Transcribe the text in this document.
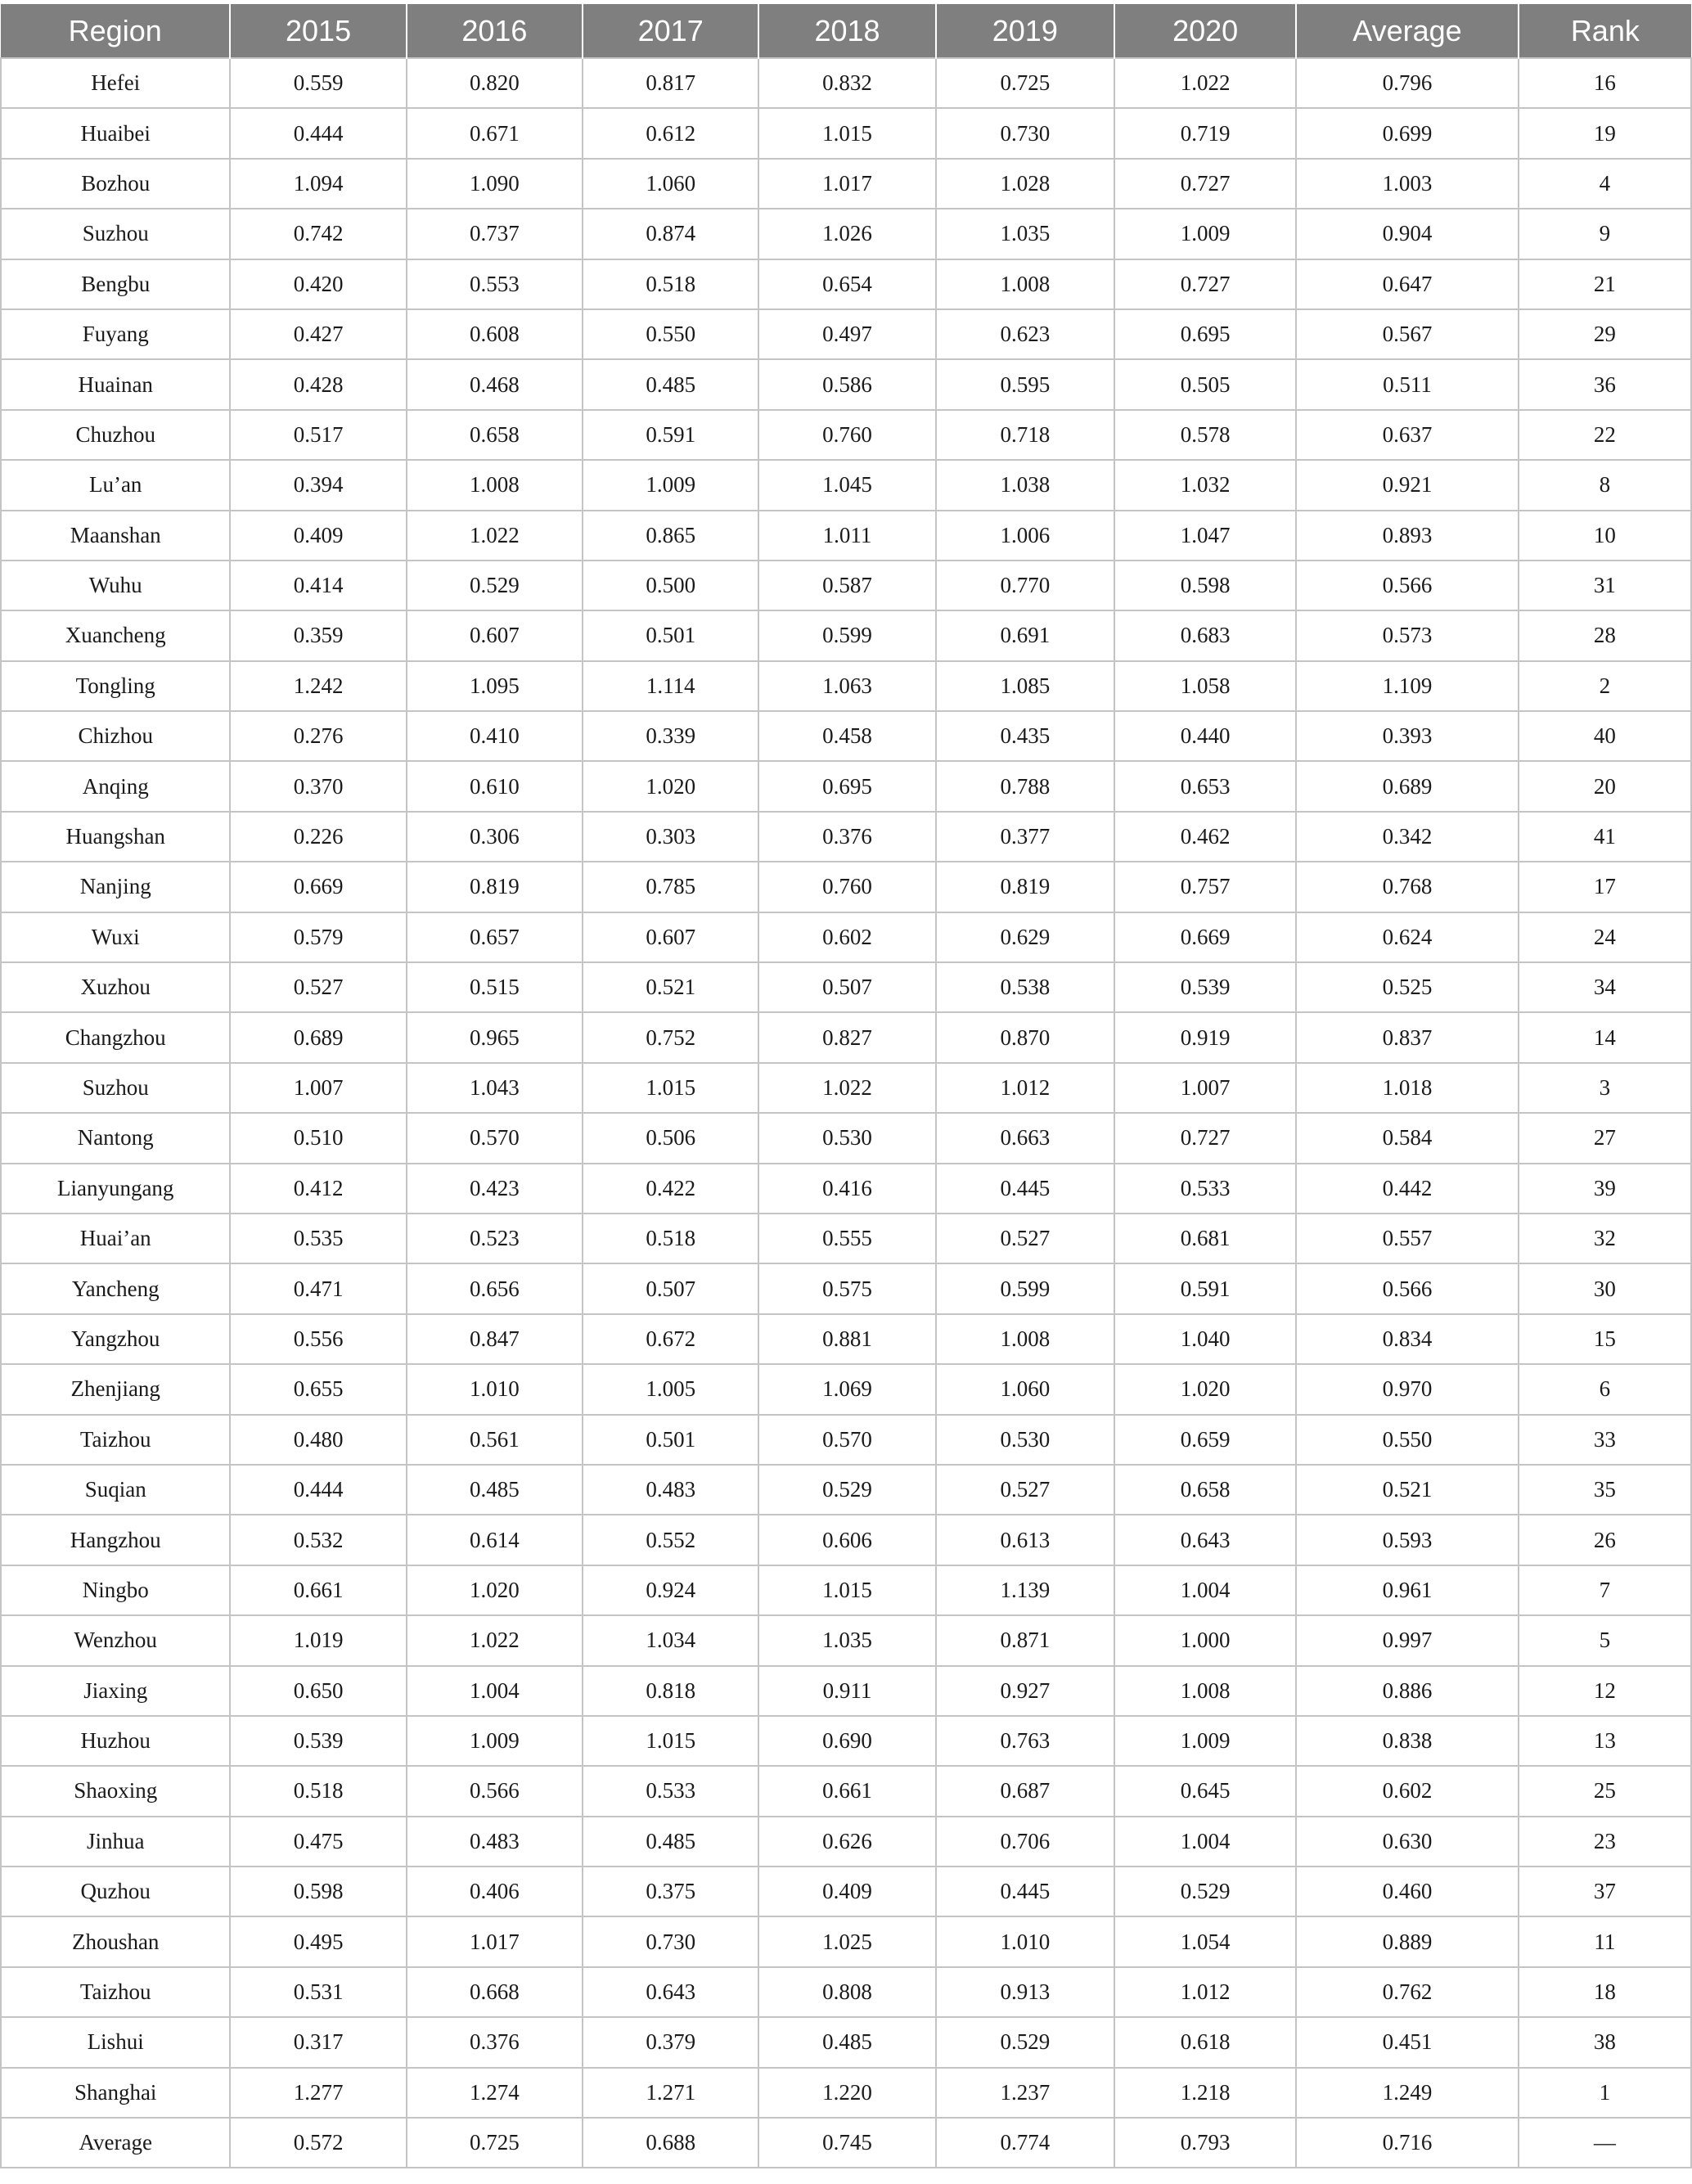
Region	2015	2016	2017	2018	2019	2020	Average	Rank
Hefei	0.559	0.820	0.817	0.832	0.725	1.022	0.796	16
Huaibei	0.444	0.671	0.612	1.015	0.730	0.719	0.699	19
Bozhou	1.094	1.090	1.060	1.017	1.028	0.727	1.003	4
Suzhou	0.742	0.737	0.874	1.026	1.035	1.009	0.904	9
Bengbu	0.420	0.553	0.518	0.654	1.008	0.727	0.647	21
Fuyang	0.427	0.608	0.550	0.497	0.623	0.695	0.567	29
Huainan	0.428	0.468	0.485	0.586	0.595	0.505	0.511	36
Chuzhou	0.517	0.658	0.591	0.760	0.718	0.578	0.637	22
Lu’an	0.394	1.008	1.009	1.045	1.038	1.032	0.921	8
Maanshan	0.409	1.022	0.865	1.011	1.006	1.047	0.893	10
Wuhu	0.414	0.529	0.500	0.587	0.770	0.598	0.566	31
Xuancheng	0.359	0.607	0.501	0.599	0.691	0.683	0.573	28
Tongling	1.242	1.095	1.114	1.063	1.085	1.058	1.109	2
Chizhou	0.276	0.410	0.339	0.458	0.435	0.440	0.393	40
Anqing	0.370	0.610	1.020	0.695	0.788	0.653	0.689	20
Huangshan	0.226	0.306	0.303	0.376	0.377	0.462	0.342	41
Nanjing	0.669	0.819	0.785	0.760	0.819	0.757	0.768	17
Wuxi	0.579	0.657	0.607	0.602	0.629	0.669	0.624	24
Xuzhou	0.527	0.515	0.521	0.507	0.538	0.539	0.525	34
Changzhou	0.689	0.965	0.752	0.827	0.870	0.919	0.837	14
Suzhou	1.007	1.043	1.015	1.022	1.012	1.007	1.018	3
Nantong	0.510	0.570	0.506	0.530	0.663	0.727	0.584	27
Lianyungang	0.412	0.423	0.422	0.416	0.445	0.533	0.442	39
Huai’an	0.535	0.523	0.518	0.555	0.527	0.681	0.557	32
Yancheng	0.471	0.656	0.507	0.575	0.599	0.591	0.566	30
Yangzhou	0.556	0.847	0.672	0.881	1.008	1.040	0.834	15
Zhenjiang	0.655	1.010	1.005	1.069	1.060	1.020	0.970	6
Taizhou	0.480	0.561	0.501	0.570	0.530	0.659	0.550	33
Suqian	0.444	0.485	0.483	0.529	0.527	0.658	0.521	35
Hangzhou	0.532	0.614	0.552	0.606	0.613	0.643	0.593	26
Ningbo	0.661	1.020	0.924	1.015	1.139	1.004	0.961	7
Wenzhou	1.019	1.022	1.034	1.035	0.871	1.000	0.997	5
Jiaxing	0.650	1.004	0.818	0.911	0.927	1.008	0.886	12
Huzhou	0.539	1.009	1.015	0.690	0.763	1.009	0.838	13
Shaoxing	0.518	0.566	0.533	0.661	0.687	0.645	0.602	25
Jinhua	0.475	0.483	0.485	0.626	0.706	1.004	0.630	23
Quzhou	0.598	0.406	0.375	0.409	0.445	0.529	0.460	37
Zhoushan	0.495	1.017	0.730	1.025	1.010	1.054	0.889	11
Taizhou	0.531	0.668	0.643	0.808	0.913	1.012	0.762	18
Lishui	0.317	0.376	0.379	0.485	0.529	0.618	0.451	38
Shanghai	1.277	1.274	1.271	1.220	1.237	1.218	1.249	1
Average	0.572	0.725	0.688	0.745	0.774	0.793	0.716	—
